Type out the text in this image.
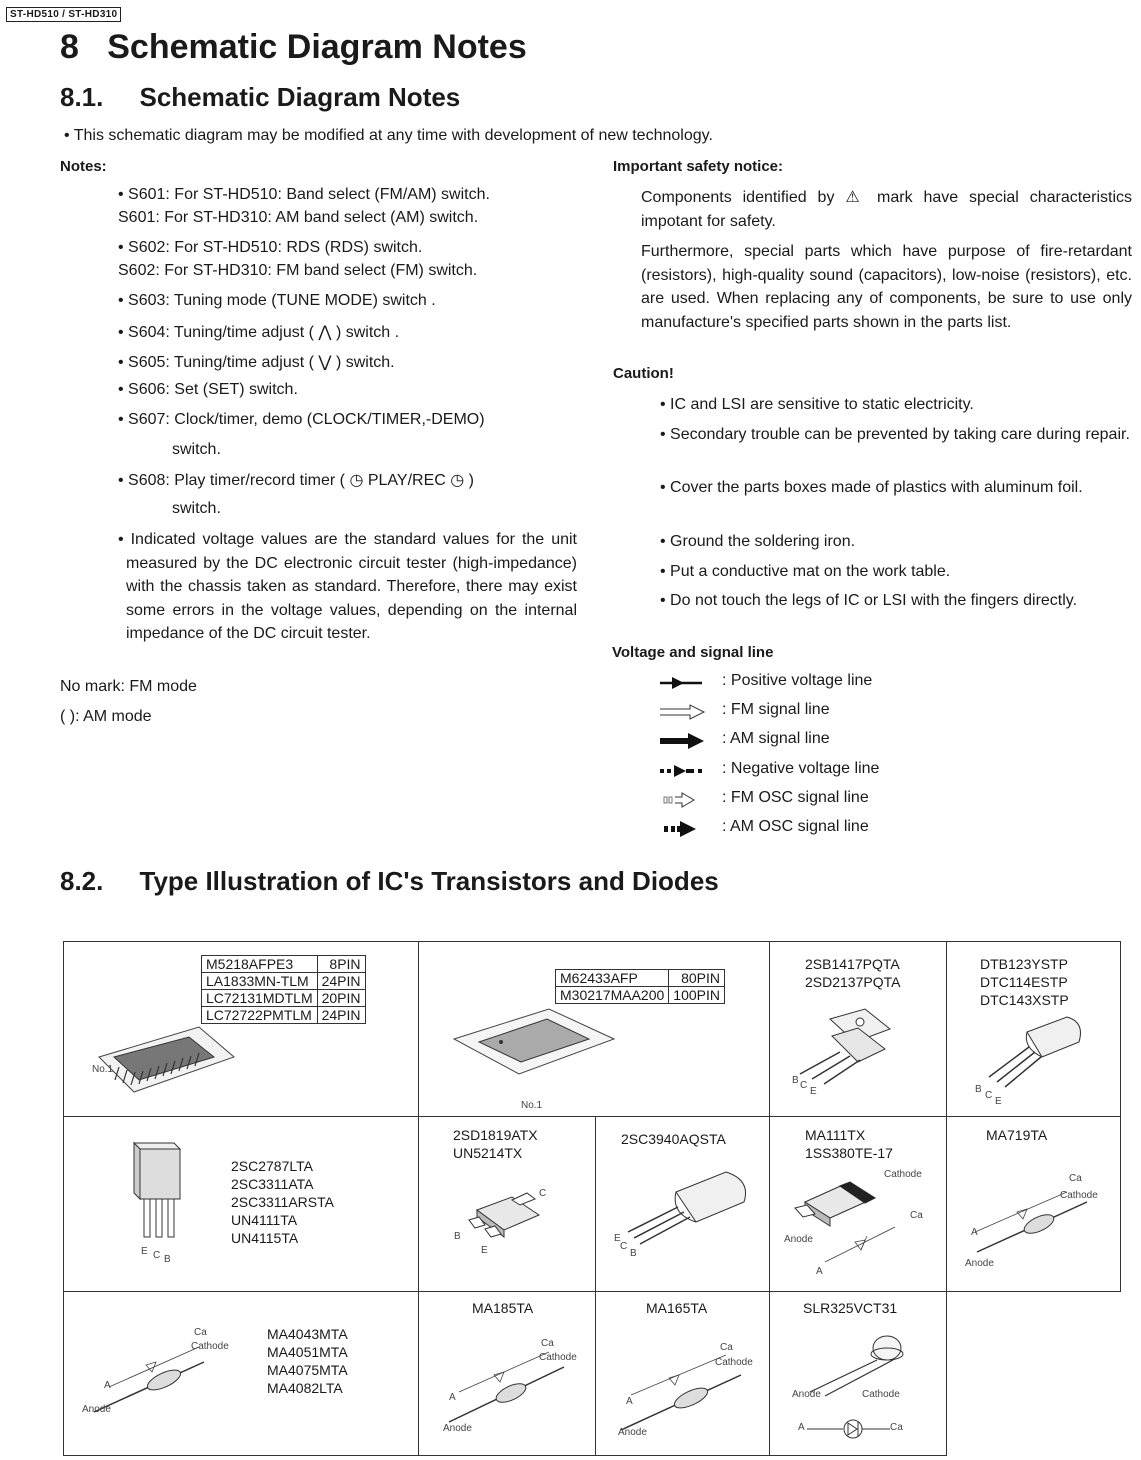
ST-HD510 / ST-HD310
8   Schematic Diagram Notes
8.1.     Schematic Diagram Notes
• This schematic diagram may be modified at any time with development of new technology.
Notes:
• S601: For ST-HD510: Band select (FM/AM) switch.
S601: For ST-HD310: AM band select (AM) switch.
• S602: For ST-HD510: RDS (RDS) switch.
S602: For ST-HD310: FM band select (FM) switch.
• S603: Tuning mode (TUNE MODE) switch .
• S604: Tuning/time adjust ( ⋀ ) switch .
• S605: Tuning/time adjust ( ⋁ ) switch.
• S606: Set (SET) switch.
• S607: Clock/timer, demo (CLOCK/TIMER,-DEMO)
switch.
• S608: Play timer/record timer ( ◷ PLAY/REC ◷ )
switch.
• Indicated voltage values are the standard values for the unit measured by the DC electronic circuit tester (high-impedance) with the chassis taken as standard. Therefore, there may exist some errors in the voltage values, depending on the internal impedance of the DC circuit tester.
No mark: FM mode
( ): AM mode
Important safety notice:
Components identified by ⚠ mark have special characteristics impotant for safety.
Furthermore, special parts which have purpose of fire-retardant (resistors), high-quality sound (capacitors), low-noise (resistors), etc. are used. When replacing any of components, be sure to use only manufacture's specified parts shown in the parts list.
Caution!
• IC and LSI are sensitive to static electricity.
• Secondary trouble can be prevented by taking care during repair.
• Cover the parts boxes made of plastics with aluminum foil.
• Ground the soldering iron.
• Put a conductive mat on the work table.
• Do not touch the legs of IC or LSI with the fingers directly.
Voltage and signal line
: Positive voltage line
: FM signal line
: AM signal line
: Negative voltage line
: FM OSC signal line
: AM OSC signal line
8.2.     Type Illustration of IC's Transistors and Diodes
M5218AFPE3	8PIN
LA1833MN-TLM	24PIN
LC72131MDTLM	20PIN
LC72722PMTLM	24PIN
No.1
M62433AFP	80PIN
M30217MAA200	100PIN
No.1
2SB1417PQTA
2SD2137PQTA
B C
E
DTB123YSTP
DTC114ESTP
DTC143XSTP
B
C
E
E C B
2SC2787LTA
2SC3311ATA
2SC3311ARSTA
UN4111TA
UN4115TA
2SD1819ATX
UN5214TX
C
B
E
2SC3940AQSTA
E
C
B
MA111TX
1SS380TE-17
Cathode
Ca
Anode
A
MA719TA
Ca
Cathode
A
Anode
Ca
Cathode
A
Anode
MA4043MTA
MA4051MTA
MA4075MTA
MA4082LTA
MA185TA
Ca
Cathode
A
Anode
MA165TA
Ca
Cathode
A
Anode
SLR325VCT31
Anode	Cathode
A	Ca
